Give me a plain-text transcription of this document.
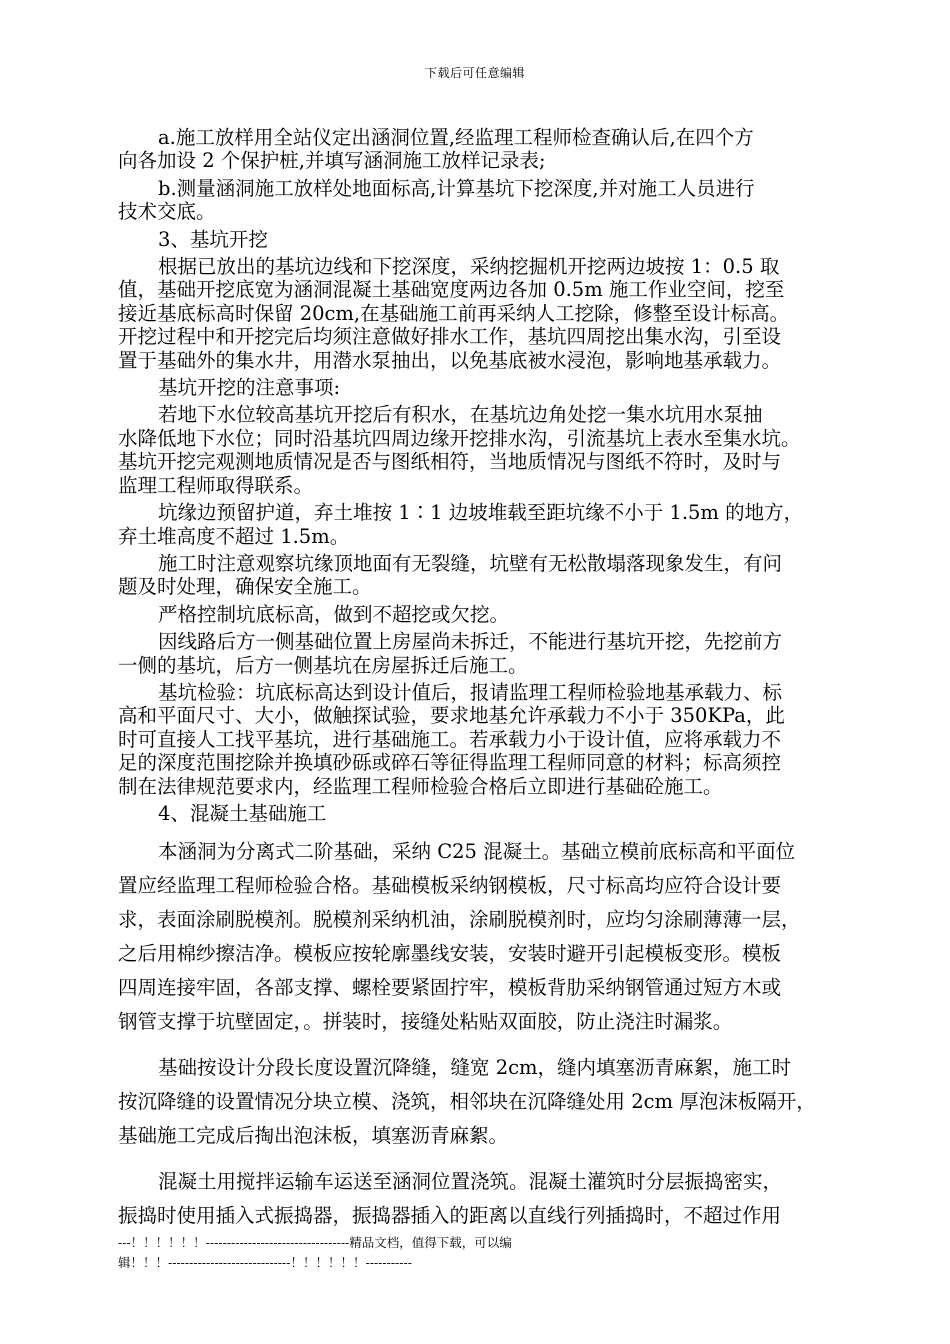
下载后可任意编辑

a.施工放样用全站仪定出涵洞位置,经监理工程师检查确认后,在四个方

向各加设 2 个保护桩,并填写涵洞施工放样记录表;

b.测量涵洞施工放样处地面标高,计算基坑下挖深度,并对施工人员进行

技术交底。

3、基坑开挖

根据已放出的基坑边线和下挖深度，采纳挖掘机开挖两边坡按 1：0.5 取

值，基础开挖底宽为涵洞混凝土基础宽度两边各加 0.5m 施工作业空间，挖至

接近基底标高时保留 20cm,在基础施工前再采纳人工挖除，修整至设计标高。

开挖过程中和开挖完后均须注意做好排水工作，基坑四周挖出集水沟，引至设

置于基础外的集水井，用潜水泵抽出，以免基底被水浸泡，影响地基承载力。

基坑开挖的注意事项:

若地下水位较高基坑开挖后有积水，在基坑边角处挖一集水坑用水泵抽

水降低地下水位；同时沿基坑四周边缘开挖排水沟，引流基坑上表水至集水坑。

基坑开挖完观测地质情况是否与图纸相符，当地质情况与图纸不符时，及时与

监理工程师取得联系。

坑缘边预留护道，弃土堆按 1∶1 边坡堆载至距坑缘不小于 1.5m 的地方，

弃土堆高度不超过 1.5m。

施工时注意观察坑缘顶地面有无裂缝，坑壁有无松散塌落现象发生，有问

题及时处理，确保安全施工。

严格控制坑底标高，做到不超挖或欠挖。

因线路后方一侧基础位置上房屋尚未拆迁，不能进行基坑开挖，先挖前方

一侧的基坑，后方一侧基坑在房屋拆迁后施工。

基坑检验：坑底标高达到设计值后，报请监理工程师检验地基承载力、标

高和平面尺寸、大小，做触探试验，要求地基允许承载力不小于 350KPa，此

时可直接人工找平基坑，进行基础施工。若承载力小于设计值，应将承载力不

足的深度范围挖除并换填砂砾或碎石等征得监理工程师同意的材料；标高须控

制在法律规范要求内，经监理工程师检验合格后立即进行基础砼施工。

4、混凝土基础施工

本涵洞为分离式二阶基础，采纳 C25 混凝土。基础立模前底标高和平面位

置应经监理工程师检验合格。基础模板采纳钢模板，尺寸标高均应符合设计要

求，表面涂刷脱模剂。脱模剂采纳机油，涂刷脱模剂时，应均匀涂刷薄薄一层，

之后用棉纱擦洁净。模板应按轮廓墨线安装，安装时避开引起模板变形。模板

四周连接牢固，各部支撑、螺栓要紧固拧牢，模板背肋采纳钢管通过短方木或

钢管支撑于坑壁固定，。拼装时，接缝处粘贴双面胶，防止浇注时漏浆。

基础按设计分段长度设置沉降缝，缝宽 2cm，缝内填塞沥青麻絮，施工时

按沉降缝的设置情况分块立模、浇筑，相邻块在沉降缝处用 2cm 厚泡沫板隔开，

基础施工完成后掏出泡沫板，填塞沥青麻絮。

混凝土用搅拌运输车运送至涵洞位置浇筑。混凝土灌筑时分层振捣密实，

振捣时使用插入式振捣器，振捣器插入的距离以直线行列插捣时，不超过作用

---！！！！！！----------------------------------精品文档，值得下载，可以编
辑！！！-----------------------------！！！！！！-----------
